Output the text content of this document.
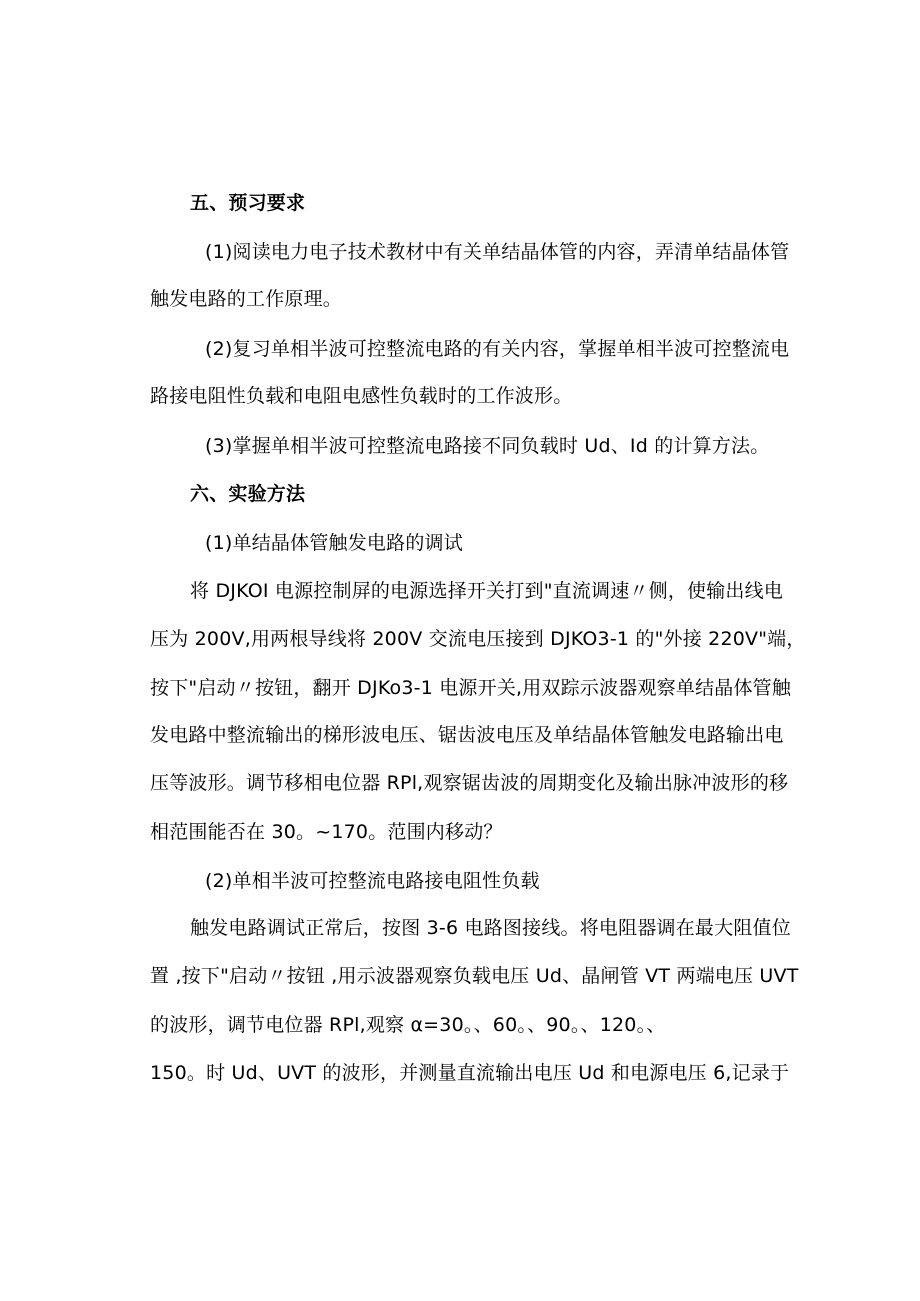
五、预习要求
(1)阅读电力电子技术教材中有关单结晶体管的内容，弄清单结晶体管
触发电路的工作原理。
(2)复习单相半波可控整流电路的有关内容，掌握单相半波可控整流电
路接电阻性负载和电阻电感性负载时的工作波形。
(3)掌握单相半波可控整流电路接不同负载时 Ud、Id 的计算方法。
六、实验方法
(1)单结晶体管触发电路的调试
将 DJKOI 电源控制屏的电源选择开关打到"直流调速〃侧，使输出线电
压为 200V,用两根导线将 200V 交流电压接到 DJKO3-1 的"外接 220V"端，
按下"启动〃按钮，翻开 DJKo3-1 电源开关,用双踪示波器观察单结晶体管触
发电路中整流输出的梯形波电压、锯齿波电压及单结晶体管触发电路输出电
压等波形。调节移相电位器 RPl,观察锯齿波的周期变化及输出脉冲波形的移
相范围能否在 30。~170。范围内移动？
(2)单相半波可控整流电路接电阻性负载
触发电路调试正常后，按图 3-6 电路图接线。将电阻器调在最大阻值位
置 ,按下"启动〃按钮 ,用示波器观察负载电压 Ud、晶闸管 VT 两端电压 UVT
的波形，调节电位器 RPl,观察 α=30。、60。、90。、120。、
150。时 Ud、UVT 的波形，并测量直流输出电压 Ud 和电源电压 6,记录于
